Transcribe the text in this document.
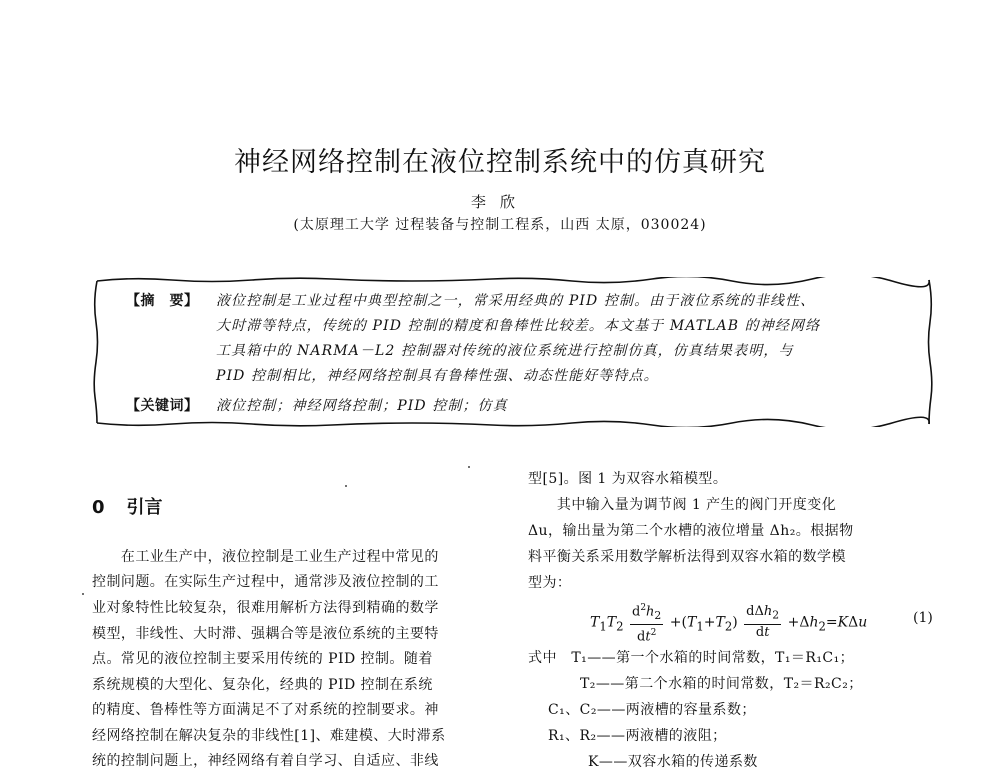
神经网络控制在液位控制系统中的仿真研究
李欣
(太原理工大学 过程装备与控制工程系，山西 太原，030024)
【摘　要】 液位控制是工业过程中典型控制之一，常采用经典的 PID 控制。由于液位系统的非线性、
大时滞等特点，传统的 PID 控制的精度和鲁棒性比较差。本文基于 MATLAB 的神经网络
工具箱中的 NARMA－L2 控制器对传统的液位系统进行控制仿真，仿真结果表明，与
PID 控制相比，神经网络控制具有鲁棒性强、动态性能好等特点。
【关键词】 液位控制；神经网络控制；PID 控制；仿真
0 引言
　　在工业生产中，液位控制是工业生产过程中常见的
控制问题。在实际生产过程中，通常涉及液位控制的工
业对象特性比较复杂，很难用解析方法得到精确的数学
模型，非线性、大时滞、强耦合等是液位系统的主要特
点。常见的液位控制主要采用传统的 PID 控制。随着
系统规模的大型化、复杂化，经典的 PID 控制在系统
的精度、鲁棒性等方面满足不了对系统的控制要求。神
经网络控制在解决复杂的非线性[1]、难建模、大时滞系
统的控制问题上，神经网络有着自学习、自适应、非线
型[5]。图 1 为双容水箱模型。
　　其中输入量为调节阀 1 产生的阀门开度变化
Δu，输出量为第二个水槽的液位增量 Δh₂。根据物
料平衡关系采用数学解析法得到双容水箱的数学模
型为：
式中　T₁——第一个水箱的时间常数，T₁＝R₁C₁；
T₂——第二个水箱的时间常数，T₂＝R₂C₂；
C₁、C₂——两液槽的容量系数；
R₁、R₂——两液槽的液阻；
K——双容水箱的传递系数
$T_1T_2 \frac{d^2h_2}{dt^2} +(T_1+T_2) \frac{d\Delta h_2}{dt} +\Delta h_2=K\Delta u$	(1)
